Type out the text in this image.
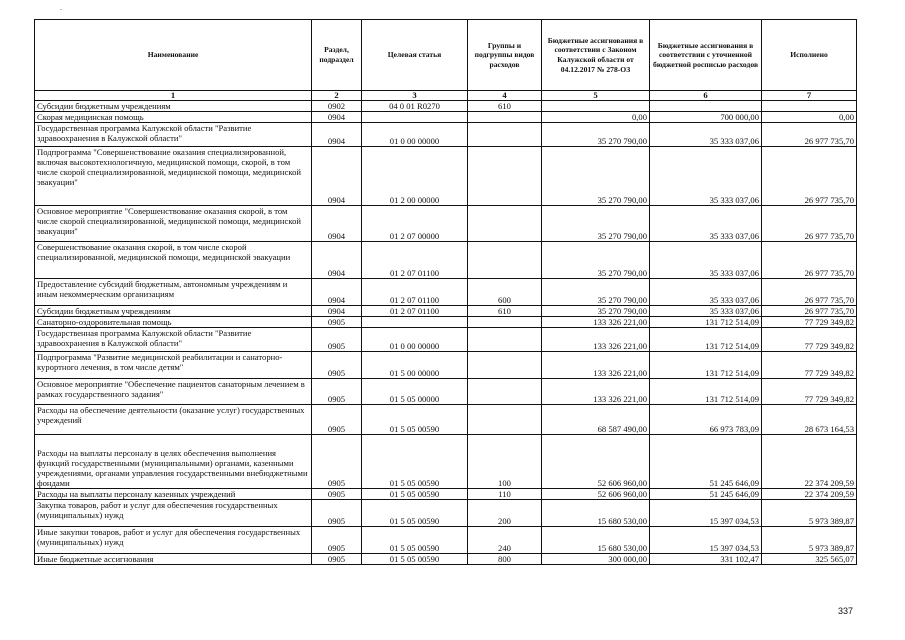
.
Наименование	Раздел, подраздел	Целевая статья	Группы и подгруппы видов расходов	Бюджетные ассигнования в соответствии с Законом Калужской области от 04.12.2017 № 278-ОЗ	Бюджетные ассигнования в соответствии с уточненной бюджетной росписью расходов	Исполнено
1	2	3	4	5	6	7
Субсидии бюджетным учреждениям	0902	04 0 01 R0270	610			
Скорая медицинская помощь	0904			0,00	700 000,00	0,00
Государственная программа Калужской области "Развитие здравоохранения в Калужской области"	0904	01 0 00 00000		35 270 790,00	35 333 037,06	26 977 735,70
Подпрограмма "Совершенствование оказания специализированной, включая высокотехнологичную, медицинской помощи, скорой, в том числе скорой специализированной, медицинской помощи, медицинской эвакуации"	0904	01 2 00 00000		35 270 790,00	35 333 037,06	26 977 735,70
Основное мероприятие "Совершенствование оказания скорой, в том числе скорой специализированной, медицинской помощи, медицинской эвакуации"	0904	01 2 07 00000		35 270 790,00	35 333 037,06	26 977 735,70
Совершенствование оказания скорой, в том числе скорой специализированной, медицинской помощи, медицинской эвакуации	0904	01 2 07 01100		35 270 790,00	35 333 037,06	26 977 735,70
Предоставление субсидий бюджетным, автономным учреждениям и иным некоммерческим организациям	0904	01 2 07 01100	600	35 270 790,00	35 333 037,06	26 977 735,70
Субсидии бюджетным учреждениям	0904	01 2 07 01100	610	35 270 790,00	35 333 037,06	26 977 735,70
Санаторно-оздоровительная помощь	0905			133 326 221,00	131 712 514,09	77 729 349,82
Государственная программа Калужской области "Развитие здравоохранения в Калужской области"	0905	01 0 00 00000		133 326 221,00	131 712 514,09	77 729 349,82
Подпрограмма "Развитие медицинской реабилитации и санаторно-курортного лечения, в том числе детям"	0905	01 5 00 00000		133 326 221,00	131 712 514,09	77 729 349,82
Основное мероприятие "Обеспечение пациентов санаторным лечением в рамках государственного задания"	0905	01 5 05 00000		133 326 221,00	131 712 514,09	77 729 349,82
Расходы на обеспечение деятельности (оказание услуг) государственных учреждений	0905	01 5 05 00590		68 587 490,00	66 973 783,09	28 673 164,53
Расходы на выплаты персоналу в целях обеспечения выполнения функций государственными (муниципальными) органами, казенными учреждениями, органами управления государственными внебюджетными фондами	0905	01 5 05 00590	100	52 606 960,00	51 245 646,09	22 374 209,59
Расходы на выплаты персоналу казенных учреждений	0905	01 5 05 00590	110	52 606 960,00	51 245 646,09	22 374 209,59
Закупка товаров, работ и услуг для обеспечения государственных (муниципальных) нужд	0905	01 5 05 00590	200	15 680 530,00	15 397 034,53	5 973 389,87
Иные закупки товаров, работ и услуг для обеспечения государственных (муниципальных) нужд	0905	01 5 05 00590	240	15 680 530,00	15 397 034,53	5 973 389,87
Иные бюджетные ассигнования	0905	01 5 05 00590	800	300 000,00	331 102,47	325 565,07
337
